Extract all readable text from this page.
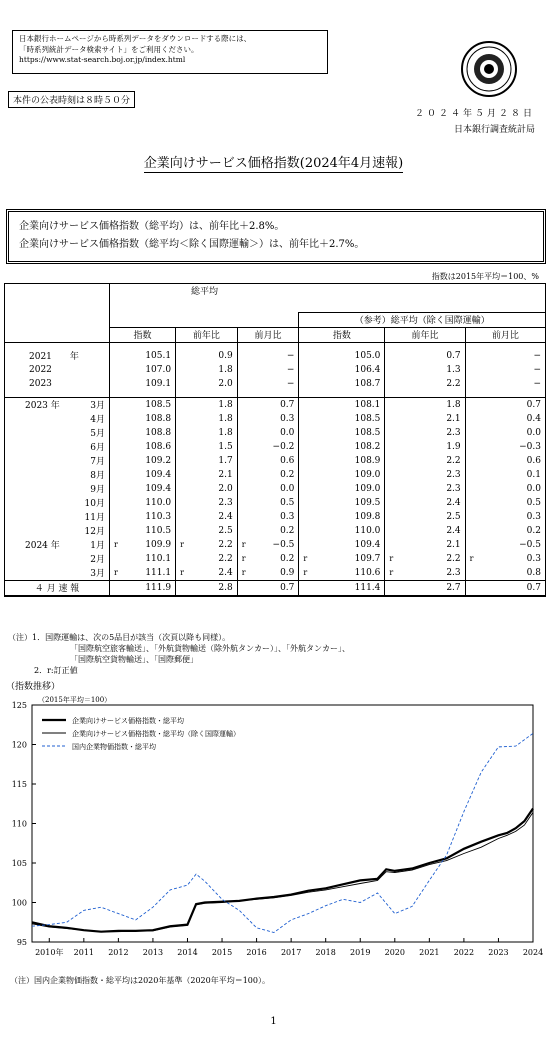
日本銀行ホームページから時系列データをダウンロードする際には、
「時系列統計データ検索サイト」をご利用ください。
https://www.stat-search.boj.or.jp/index.html
本件の公表時刻は８時５０分
２０２４年５月２８日
日本銀行調査統計局
企業向けサービス価格指数(2024年4月速報)
企業向けサービス価格指数（総平均）は、前年比＋2.8%。
企業向けサービス価格指数（総平均＜除く国際運輸＞）は、前年比＋2.7%。
指数は2015年平均＝100、%
	総平均					
				（参考）総平均（除く国際運輸）		
	指数	前年比	前月比	指数	前年比	前月比

2021　　年	105.1	0.9	−	105.0	0.7	−
2022	107.0	1.8	−	106.4	1.3	−
2023	109.1	2.0	−	108.7	2.2	−

2023 年 3月	108.5	1.8	0.7	108.1	1.8	0.7

4月	108.8	1.8	0.3	108.5	2.1	0.4

5月	108.8	1.8	0.0	108.5	2.3	0.0

6月	108.6	1.5	−0.2	108.2	1.9	−0.3

7月	109.2	1.7	0.6	108.9	2.2	0.6

8月	109.4	2.1	0.2	109.0	2.3	0.1

9月	109.4	2.0	0.0	109.0	2.3	0.0

10月	110.0	2.3	0.5	109.5	2.4	0.5

11月	110.3	2.4	0.3	109.8	2.5	0.3

12月	110.5	2.5	0.2	110.0	2.4	0.2
2024 年 1月	r 109.9	r 2.2	r −0.5	109.4	2.1	−0.5

2月	110.1	2.2	r 0.2	r 109.7	r 2.2	r 0.3

3月	r 111.1	r 2.4	r 0.9	r 110.6	r 2.3	0.8
４ 月 速 報	111.9	2.8	0.7	111.4	2.7	0.7
（注）1．国際運輸は、次の5品目が該当（次頁以降も同様）。
「国際航空旅客輸送」、「外航貨物輸送（除外航タンカー）」、「外航タンカー」、
「国際航空貨物輸送」、「国際郵便」
2．r:訂正値
（指数推移）
（2015年平均＝100）
95
100
105
110
115
120
125
2010年 2011 2012 2013 2014 2015 2016 2017 2018 2019 2020 2021 2022 2023 2024
企業向けサービス価格指数・総平均
企業向けサービス価格指数・総平均（除く国際運輸）
国内企業物価指数・総平均
（注）国内企業物価指数・総平均は2020年基準（2020年平均＝100）。
1
